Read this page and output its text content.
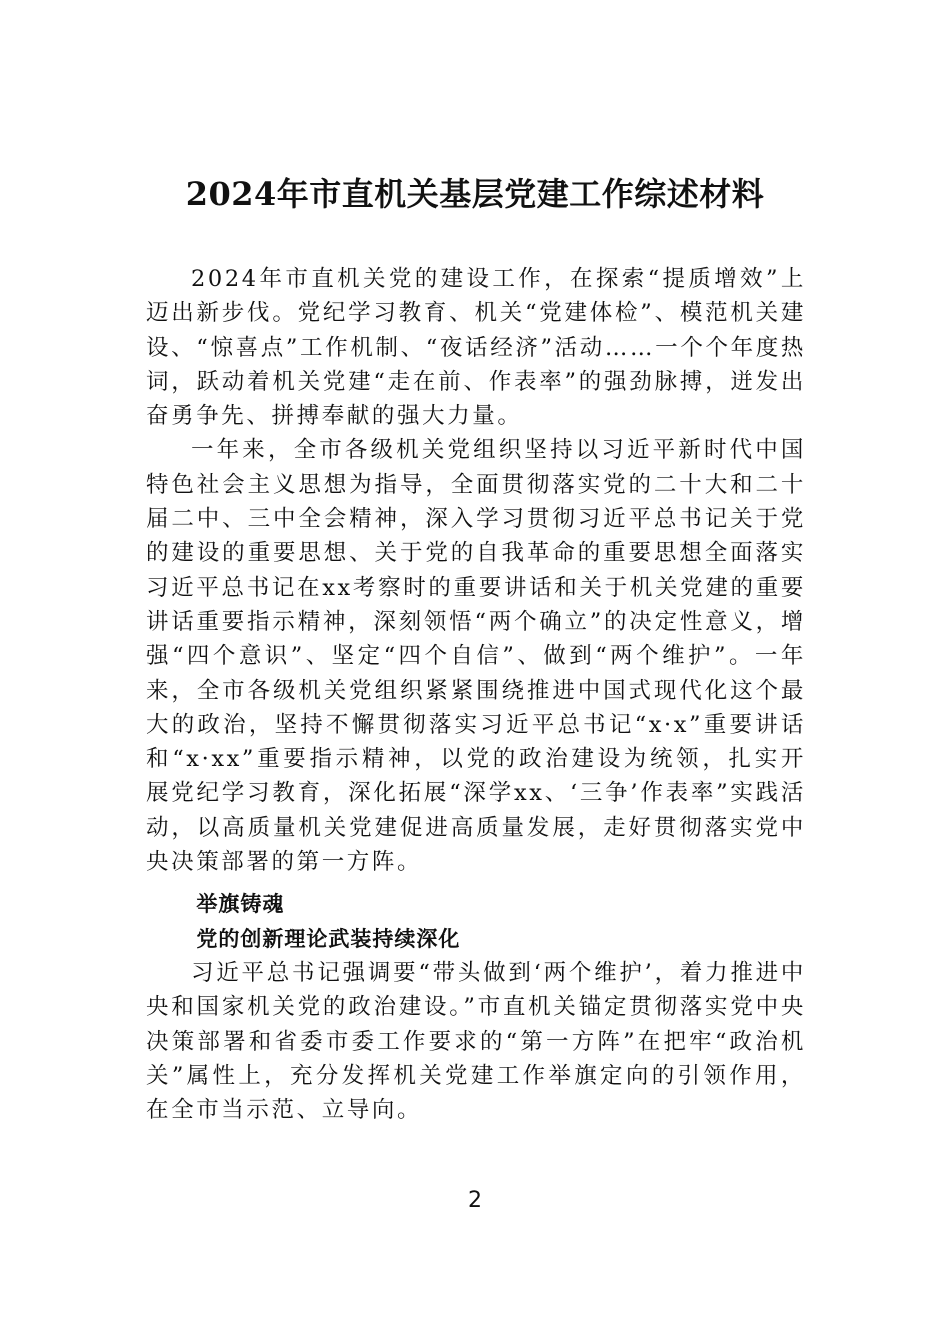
2024年市直机关基层党建工作综述材料

2024年市直机关党的建设工作，在探索“提质增效”上迈出新步伐。党纪学习教育、机关“党建体检”、模范机关建设、“惊喜点”工作机制、“夜话经济”活动……一个个年度热词，跃动着机关党建“走在前、作表率”的强劲脉搏，迸发出奋勇争先、拼搏奉献的强大力量。

一年来，全市各级机关党组织坚持以习近平新时代中国特色社会主义思想为指导，全面贯彻落实党的二十大和二十届二中、三中全会精神，深入学习贯彻习近平总书记关于党的建设的重要思想、关于党的自我革命的重要思想全面落实习近平总书记在xx考察时的重要讲话和关于机关党建的重要讲话重要指示精神，深刻领悟“两个确立”的决定性意义，增强“四个意识”、坚定“四个自信”、做到“两个维护”。一年来，全市各级机关党组织紧紧围绕推进中国式现代化这个最大的政治，坚持不懈贯彻落实习近平总书记“x·x”重要讲话和“x·xx”重要指示精神，以党的政治建设为统领，扎实开展党纪学习教育，深化拓展“深学xx、‘三争’作表率”实践活动，以高质量机关党建促进高质量发展，走好贯彻落实党中央决策部署的第一方阵。

举旗铸魂

党的创新理论武装持续深化

习近平总书记强调要“带头做到‘两个维护’，着力推进中央和国家机关党的政治建设。”市直机关锚定贯彻落实党中央决策部署和省委市委工作要求的“第一方阵”在把牢“政治机关”属性上，充分发挥机关党建工作举旗定向的引领作用，在全市当示范、立导向。

2
